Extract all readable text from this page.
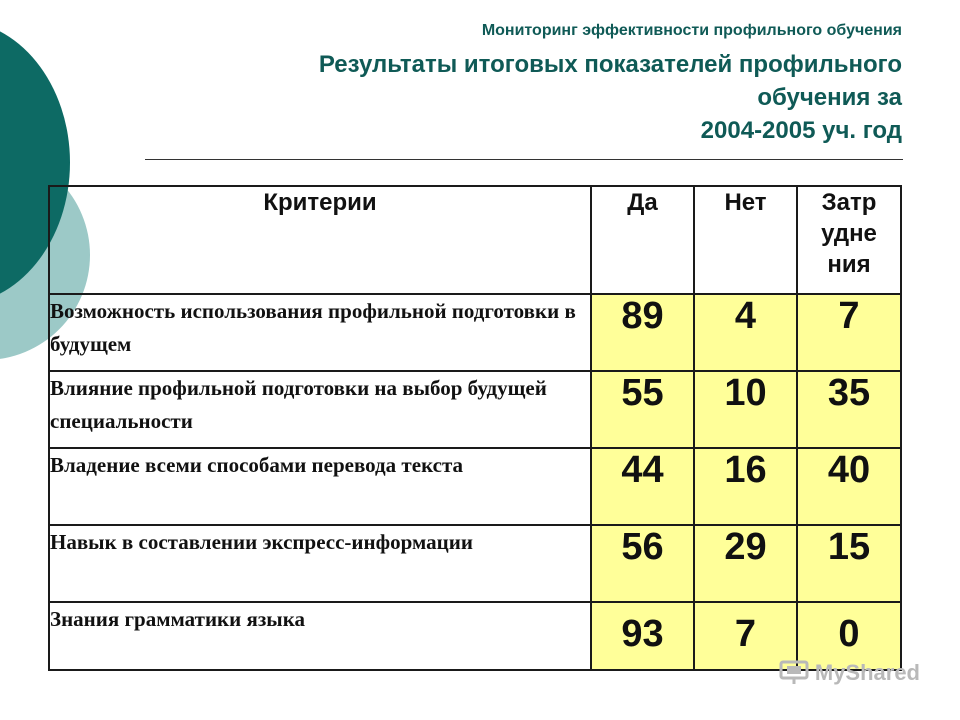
Мониторинг эффективности профильного обучения

Результаты итоговых показателей профильного
обучения за
2004-2005 уч. год
Критерии	Да	Нет	Затр удне ния
Возможность использования профильной подготовки в будущем	89	4	7
Влияние профильной подготовки на выбор будущей специальности	55	10	35
Владение всеми способами перевода текста	44	16	40
Навык в составлении экспресс-информации	56	29	15
Знания грамматики языка	93	7	0
MyShared
